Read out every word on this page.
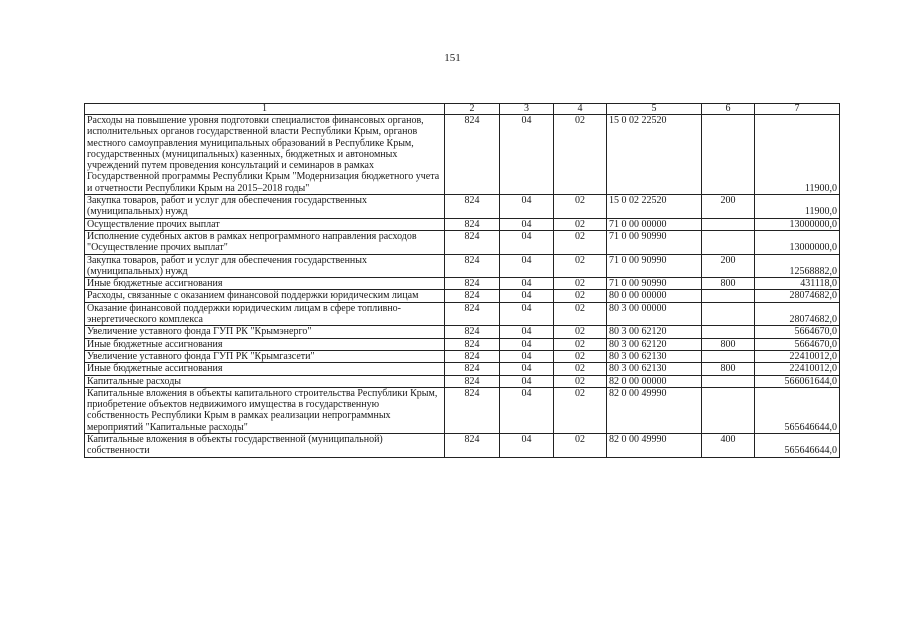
151
1	2	3	4	5	6	7
Расходы на повышение уровня подготовки специалистов финансовых органов, исполнительных органов государственной власти Республики Крым, органов местного самоуправления муниципальных образований в Республике Крым, государственных (муниципальных) казенных, бюджетных и автономных учреждений путем проведения консультаций и семинаров в рамках Государственной программы Республики Крым "Модернизация бюджетного учета и отчетности Республики Крым на 2015–2018 годы"	824	04	02	15 0 02 22520		11900,0
Закупка товаров, работ и услуг для обеспечения государственных (муниципальных) нужд	824	04	02	15 0 02 22520	200	11900,0
Осуществление прочих выплат	824	04	02	71 0 00 00000		13000000,0
Исполнение судебных актов в рамках непрограммного направления расходов "Осуществление прочих выплат"	824	04	02	71 0 00 90990		13000000,0
Закупка товаров, работ и услуг для обеспечения государственных (муниципальных) нужд	824	04	02	71 0 00 90990	200	12568882,0
Иные бюджетные ассигнования	824	04	02	71 0 00 90990	800	431118,0
Расходы, связанные с оказанием финансовой поддержки юридическим лицам	824	04	02	80 0 00 00000		28074682,0
Оказание финансовой поддержки юридическим лицам в сфере топливно-энергетического комплекса	824	04	02	80 3 00 00000		28074682,0
Увеличение уставного фонда ГУП РК "Крымэнерго"	824	04	02	80 3 00 62120		5664670,0
Иные бюджетные ассигнования	824	04	02	80 3 00 62120	800	5664670,0
Увеличение уставного фонда ГУП РК "Крымгазсети"	824	04	02	80 3 00 62130		22410012,0
Иные бюджетные ассигнования	824	04	02	80 3 00 62130	800	22410012,0
Капитальные расходы	824	04	02	82 0 00 00000		566061644,0
Капитальные вложения в объекты капитального строительства Республики Крым, приобретение объектов недвижимого имущества в государственную собственность Республики Крым в рамках реализации непрограммных мероприятий "Капитальные расходы"	824	04	02	82 0 00 49990		565646644,0
Капитальные вложения в объекты государственной (муниципальной) собственности	824	04	02	82 0 00 49990	400	565646644,0
